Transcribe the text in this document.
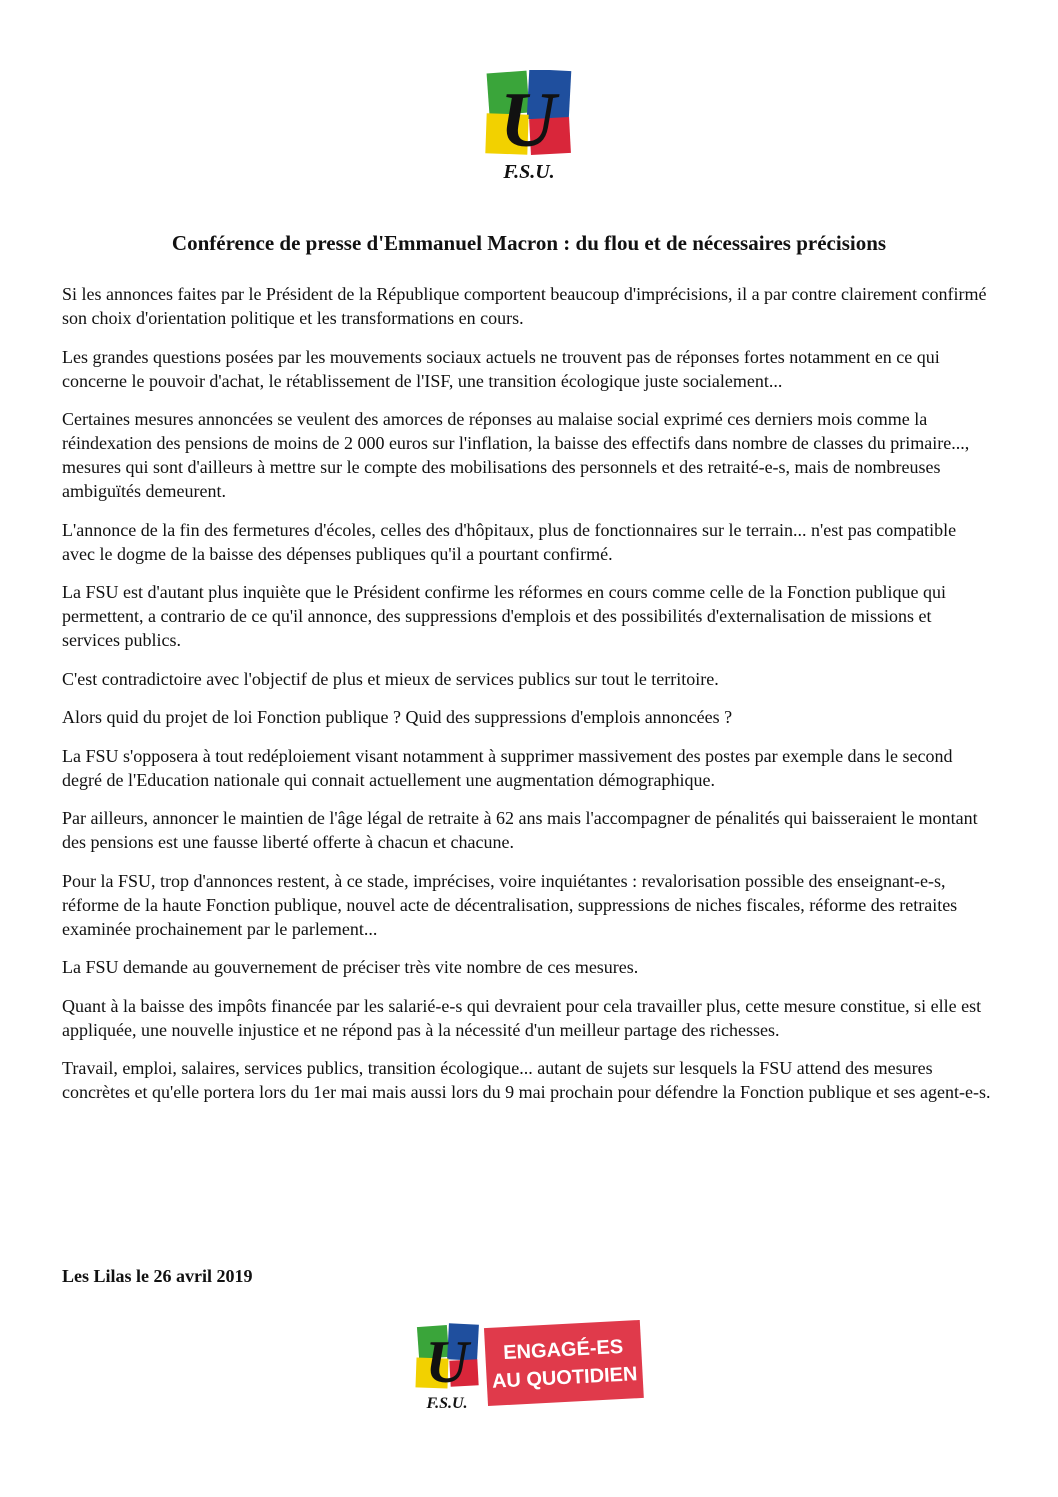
U
F.S.U.
Conférence de presse d'Emmanuel Macron : du flou et de nécessaires précisions

Si les annonces faites par le Président de la République comportent beaucoup d'imprécisions, il a par contre clairement confirmé son choix d'orientation politique et les transformations en cours.

Les grandes questions posées par les mouvements sociaux actuels ne trouvent pas de réponses fortes notamment en ce qui concerne le pouvoir d'achat, le rétablissement de l'ISF, une transition écologique juste socialement...

Certaines mesures annoncées se veulent des amorces de réponses au malaise social exprimé ces derniers mois comme la réindexation des pensions de moins de 2 000 euros sur l'inflation, la baisse des effectifs dans nombre de classes du primaire..., mesures qui sont d'ailleurs à mettre sur le compte des mobilisations des personnels et des retraité-e-s, mais de nombreuses ambiguïtés demeurent.

L'annonce de la fin des fermetures d'écoles, celles des d'hôpitaux, plus de fonctionnaires sur le terrain... n'est pas compatible avec le dogme de la baisse des dépenses publiques qu'il a pourtant confirmé.

La FSU est d'autant plus inquiète que le Président confirme les réformes en cours comme celle de la Fonction publique qui permettent, a contrario de ce qu'il annonce, des suppressions d'emplois et des possibilités d'externalisation de missions et services publics.

C'est contradictoire avec l'objectif de plus et mieux de services publics sur tout le territoire.

Alors quid du projet de loi Fonction publique ? Quid des suppressions d'emplois annoncées ?

La FSU s'opposera à tout redéploiement visant notamment à supprimer massivement des postes par exemple dans le second degré de l'Education nationale qui connait actuellement une augmentation démographique.

Par ailleurs, annoncer le maintien de l'âge légal de retraite à 62 ans mais l'accompagner de pénalités qui baisseraient le montant des pensions est une fausse liberté offerte à chacun et chacune.

Pour la FSU, trop d'annonces restent, à ce stade, imprécises, voire inquiétantes : revalorisation possible des enseignant-e-s, réforme de la haute Fonction publique, nouvel acte de décentralisation, suppressions de niches fiscales, réforme des retraites examinée prochainement par le parlement...

La FSU demande au gouvernement de préciser très vite nombre de ces mesures.

Quant à la baisse des impôts financée par les salarié-e-s qui devraient pour cela travailler plus, cette mesure constitue, si elle est appliquée, une nouvelle injustice et ne répond pas à la nécessité d'un meilleur partage des richesses.

Travail, emploi, salaires, services publics, transition écologique... autant de sujets sur lesquels la FSU attend des mesures concrètes et qu'elle portera lors du 1er mai mais aussi lors du 9 mai prochain pour défendre la Fonction publique et ses agent-e-s.

Les Lilas le 26 avril 2019

U
F.S.U.
ENGAGÉ-ES
AU QUOTIDIEN
